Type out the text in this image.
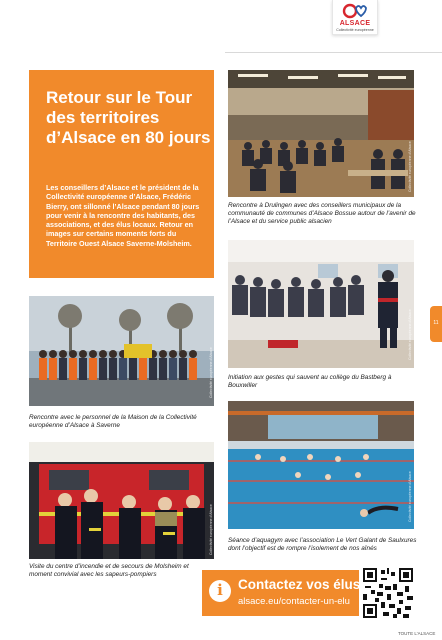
ALSACE
Collectivité européenne
Retour sur le Tour des territoires d’Alsace en 80 jours
Les conseillers d’Alsace et le président de la Collectivité européenne d’Alsace, Frédéric Bierry, ont sillonné l’Alsace pendant 80 jours pour venir à la rencontre des habitants, des associations, et des élus locaux. Retour en images sur certains moments forts du Territoire Ouest Alsace Saverne-Molsheim.
Collectivité européenne d’Alsace
Rencontre à Drulingen avec des conseillers municipaux de la communauté de communes d’Alsace Bossue autour de l’avenir de l’Alsace et du service public alsacien
Collectivité européenne d’Alsace
Initiation aux gestes qui sauvent au collège du Bastberg à Bouxwiller
Collectivité européenne d’Alsace
Rencontre avec le personnel de la Maison de la Collectivité européenne d’Alsace à Saverne
Collectivité européenne d’Alsace
Séance d’aquagym avec l’association Le Vert Galant de Saulxures dont l’objectif est de rompre l’isolement de nos aînés
Collectivité européenne d’Alsace
Visite du centre d’incendie et de secours de Molsheim et moment convivial avec les sapeurs-pompiers
11
i	Contactez vos élus
alsace.eu/contacter-un-elu
TOUTE L’ALSACE
